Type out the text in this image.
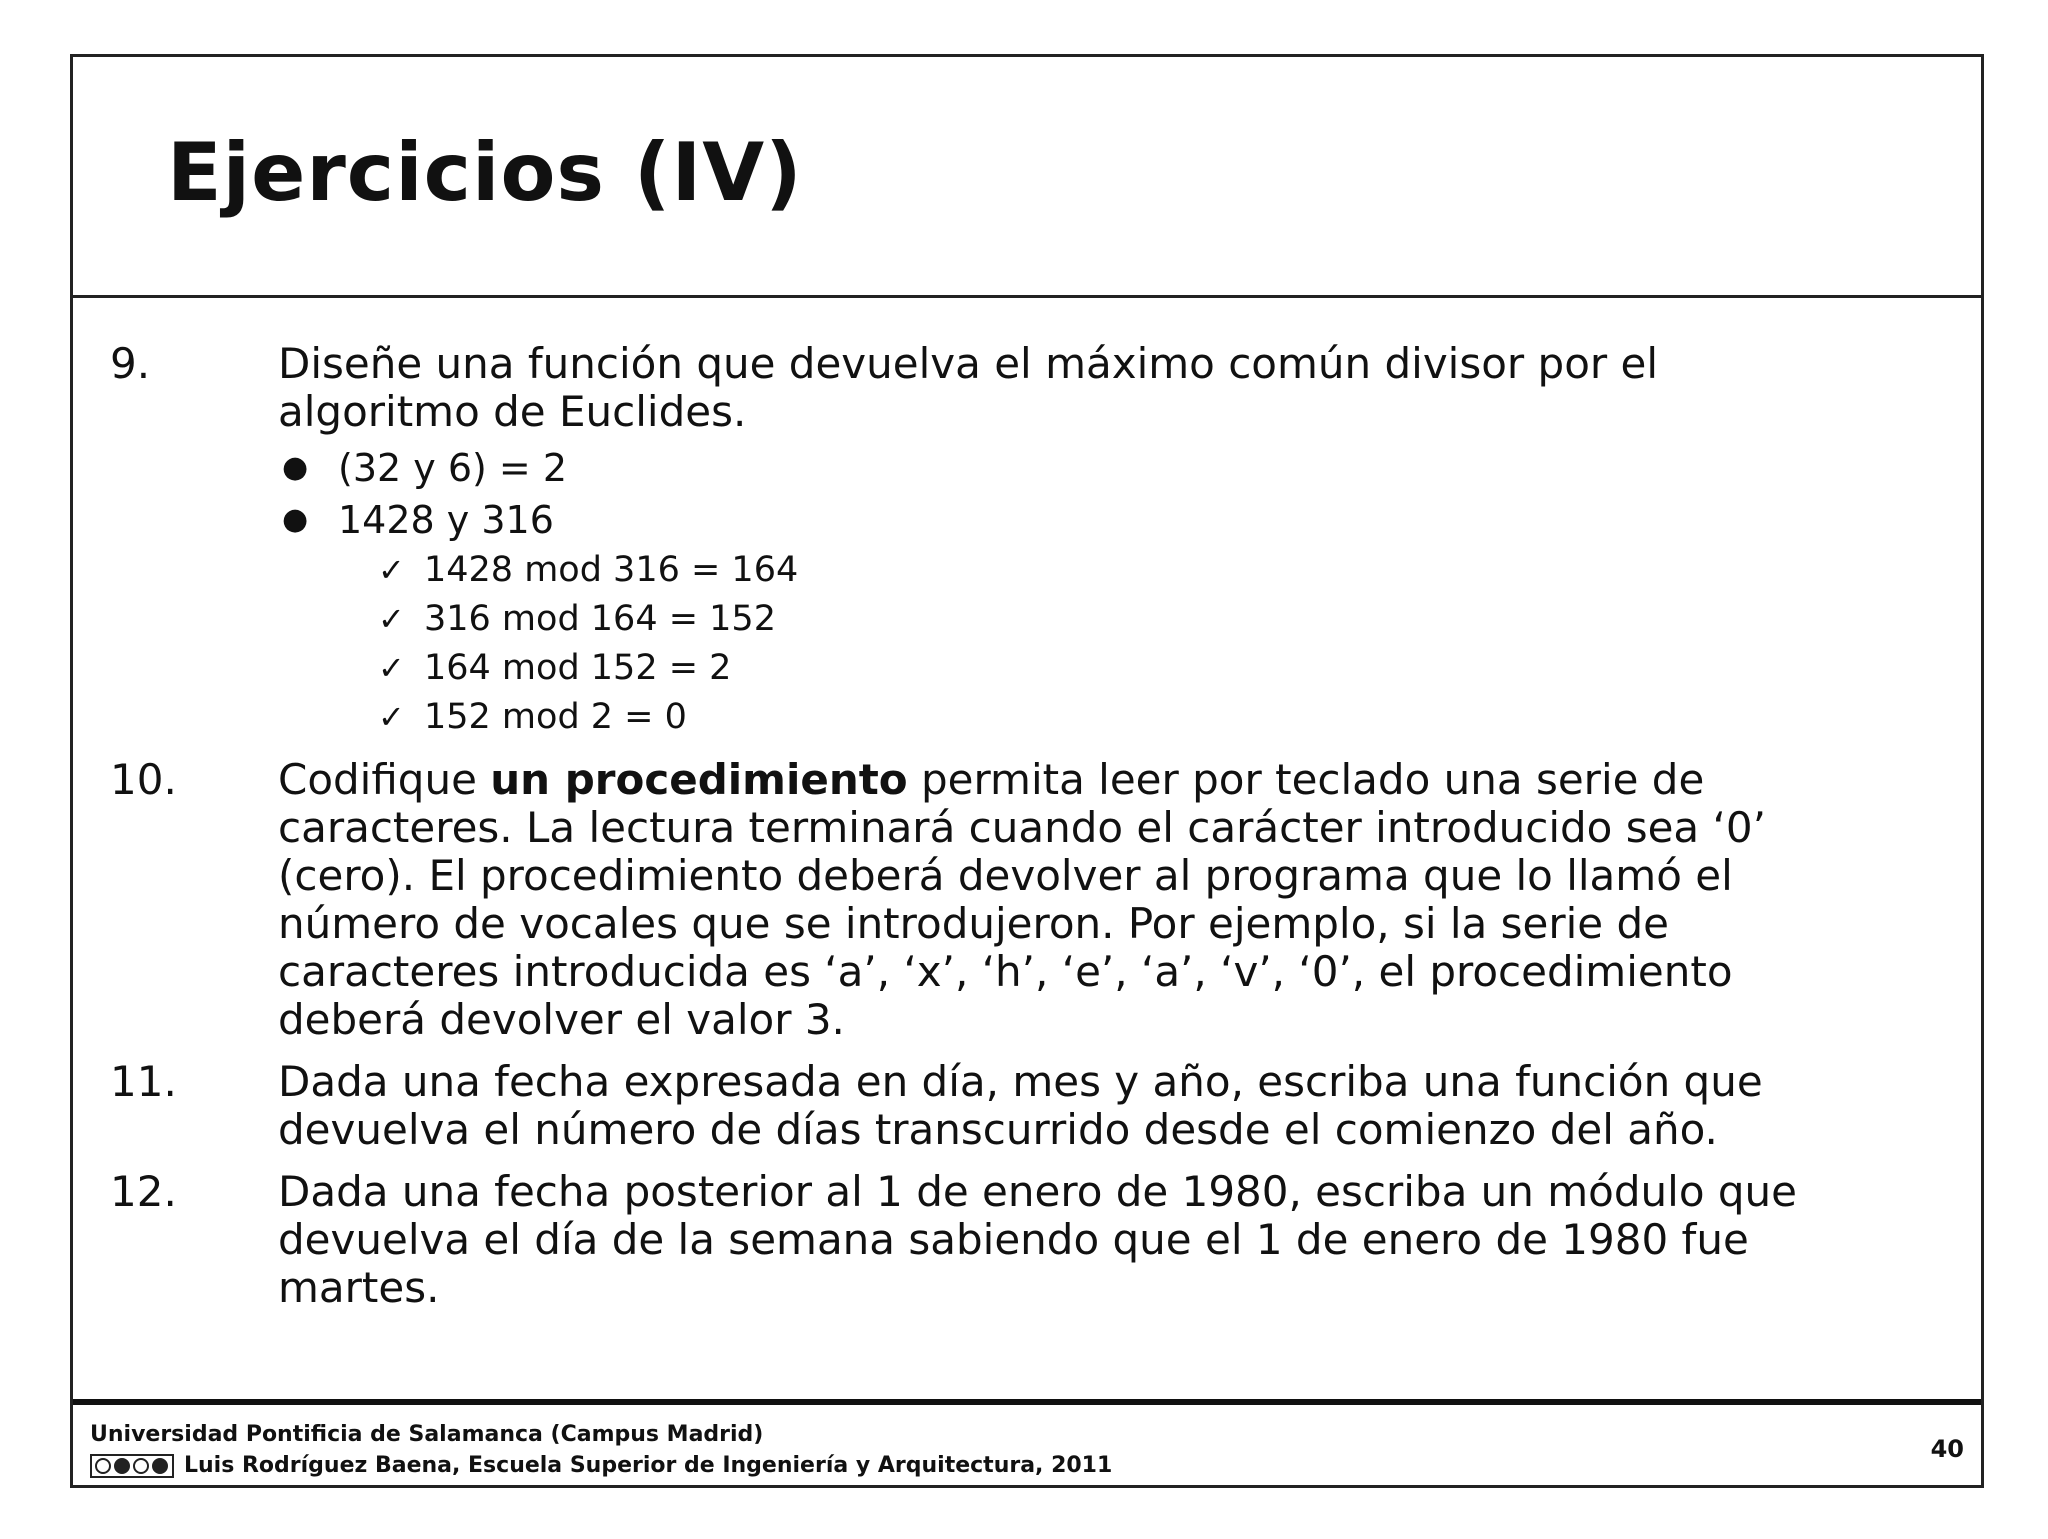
Ejercicios (IV)
Universidad Pontificia de Salamanca (Campus Madrid)
Luis Rodríguez Baena, Escuela Superior de Ingeniería y Arquitectura, 2011
40
9.	Diseñe una función que devuelva el máximo común divisor por el algoritmo de Euclides.
● (32 y 6) = 2
● 1428 y 316
✓ 1428 mod 316 = 164
✓ 316 mod 164 = 152
✓ 164 mod 152 = 2
✓ 152 mod 2 = 0
10. Codifique un procedimiento permita leer por teclado una serie de caracteres. La lectura terminará cuando el carácter introducido sea ‘0’ (cero). El procedimiento deberá devolver al programa que lo llamó el número de vocales que se introdujeron. Por ejemplo, si la serie de caracteres introducida es ‘a’, ‘x’, ‘h’, ‘e’, ‘a’, ‘v’, ‘0’, el procedimiento deberá devolver el valor 3.
11. Dada una fecha expresada en día, mes y año, escriba una función que devuelva el número de días transcurrido desde el comienzo del año.
12. Dada una fecha posterior al 1 de enero de 1980, escriba un módulo que devuelva el día de la semana sabiendo que el 1 de enero de 1980 fue martes.
